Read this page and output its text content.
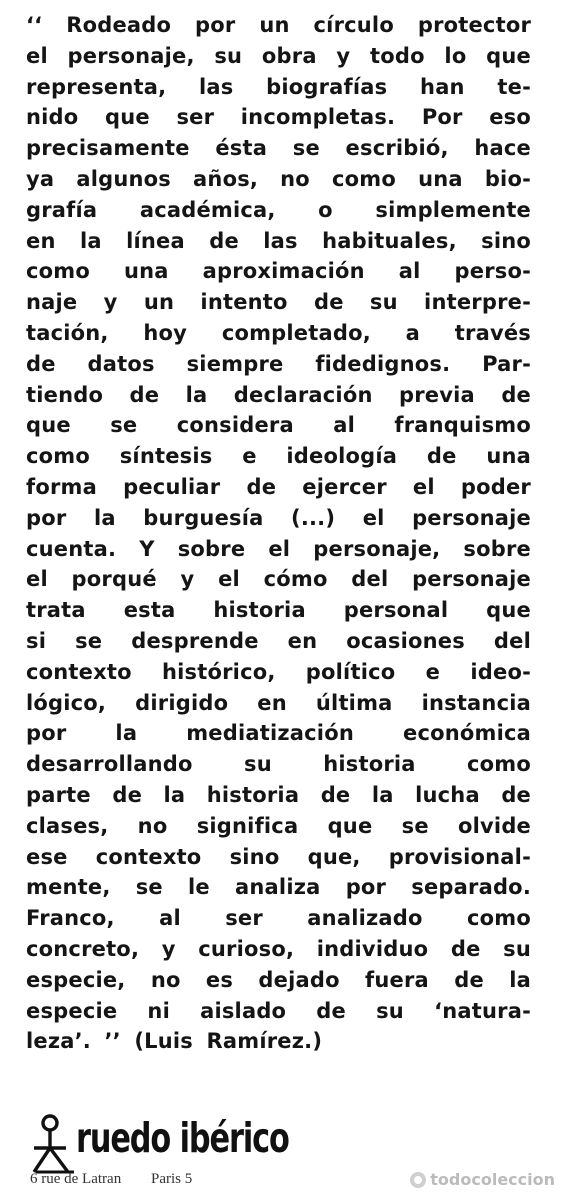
‘‘ Rodeado por un círculo protector
el personaje, su obra y todo lo que
representa, las biografías han te-
nido que ser incompletas. Por eso
precisamente ésta se escribió, hace
ya algunos años, no como una bio-
grafía académica, o simplemente
en la línea de las habituales, sino
como una aproximación al perso-
naje y un intento de su interpre-
tación, hoy completado, a través
de datos siempre fidedignos. Par-
tiendo de la declaración previa de
que se considera al franquismo
como síntesis e ideología de una
forma peculiar de ejercer el poder
por la burguesía (...) el personaje
cuenta. Y sobre el personaje, sobre
el porqué y el cómo del personaje
trata esta historia personal que
si se desprende en ocasiones del
contexto histórico, político e ideo-
lógico, dirigido en última instancia
por la mediatización económica
desarrollando su historia como
parte de la historia de la lucha de
clases, no significa que se olvide
ese contexto sino que, provisional-
mente, se le analiza por separado.
Franco, al ser analizado como
concreto, y curioso, individuo de su
especie, no es dejado fuera de la
especie ni aislado de su ‘natura-
leza’. ’’ (Luis Ramírez.)
ruedo ibérico
6 rue de Latran Paris 5	todocoleccion
